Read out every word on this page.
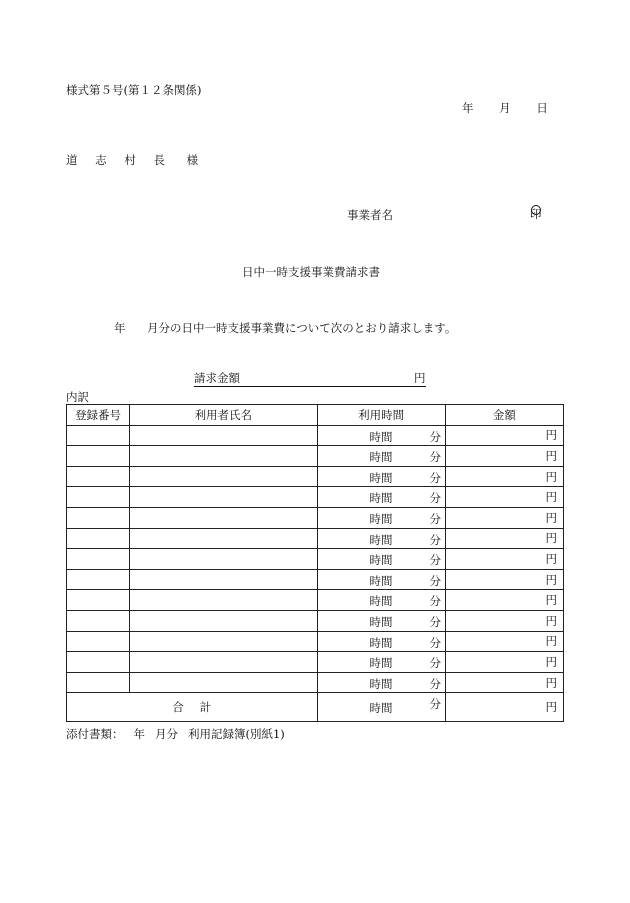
様式第５号(第１２条関係)
年 月 日
道 志 村 長 様
事業者名	印
日中一時支援事業費請求書
年 月分の日中一時支援事業費について次のとおり請求します。
請求金額	円
内訳
登録番号	利用者氏名	利用時間	金額

		時間 分	円

		時間 分	円

		時間 分	円

		時間 分	円

		時間 分	円

		時間 分	円

		時間 分	円

		時間 分	円

		時間 分	円

		時間 分	円

		時間 分	円

		時間 分	円

		時間 分	円
合 計		時間 分	円
添付書類： 年 月分 利用記録簿(別紙1)
